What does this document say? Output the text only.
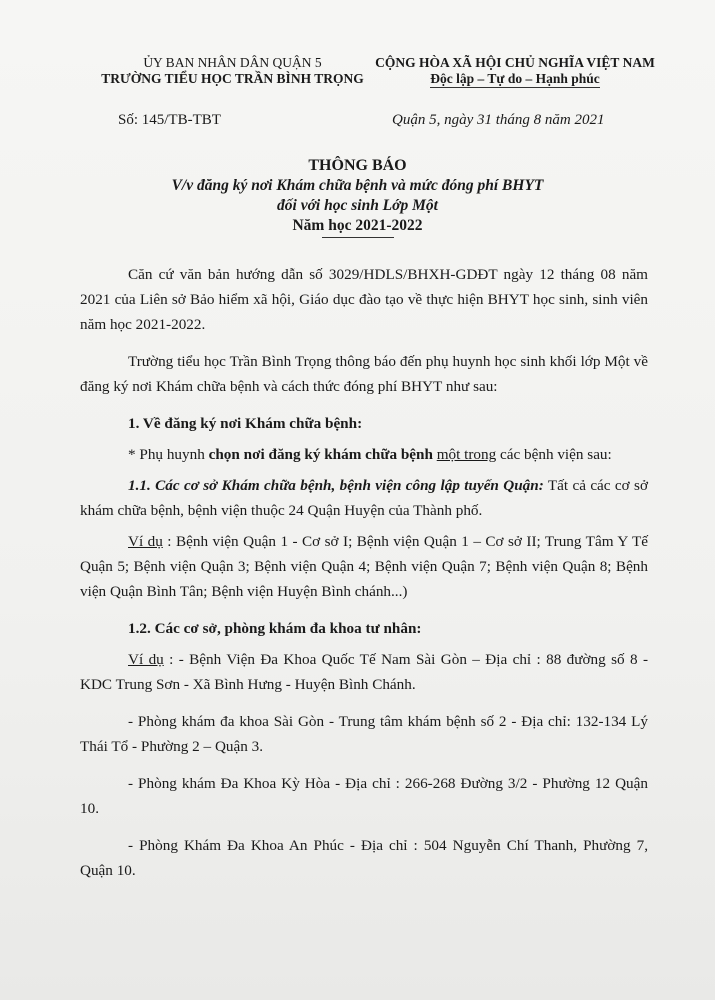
ỦY BAN NHÂN DÂN QUẬN 5
TRƯỜNG TIỂU HỌC TRẦN BÌNH TRỌNG
CỘNG HÒA XÃ HỘI CHỦ NGHĨA VIỆT NAM
Độc lập – Tự do – Hạnh phúc
Số: 145/TB-TBT	Quận 5, ngày 31 tháng 8 năm 2021
THÔNG BÁO
V/v đăng ký nơi Khám chữa bệnh và mức đóng phí BHYT
đối với học sinh Lớp Một
Năm học 2021-2022

Căn cứ văn bản hướng dẫn số 3029/HDLS/BHXH-GDĐT ngày 12 tháng 08 năm 2021 của Liên sở Bảo hiểm xã hội, Giáo dục đào tạo về thực hiện BHYT học sinh, sinh viên năm học 2021-2022.

Trường tiểu học Trần Bình Trọng thông báo đến phụ huynh học sinh khối lớp Một về đăng ký nơi Khám chữa bệnh và cách thức đóng phí BHYT như sau:

1. Về đăng ký nơi Khám chữa bệnh:

* Phụ huynh chọn nơi đăng ký khám chữa bệnh một trong các bệnh viện sau:

1.1. Các cơ sở Khám chữa bệnh, bệnh viện công lập tuyến Quận: Tất cả các cơ sở khám chữa bệnh, bệnh viện thuộc 24 Quận Huyện của Thành phố.

Ví dụ : Bệnh viện Quận 1 - Cơ sở I; Bệnh viện Quận 1 – Cơ sở II; Trung Tâm Y Tế Quận 5; Bệnh viện Quận 3; Bệnh viện Quận 4; Bệnh viện Quận 7; Bệnh viện Quận 8; Bệnh viện Quận Bình Tân; Bệnh viện Huyện Bình chánh...)

1.2. Các cơ sở, phòng khám đa khoa tư nhân:

Ví dụ : - Bệnh Viện Đa Khoa Quốc Tế Nam Sài Gòn – Địa chỉ : 88 đường số 8 - KDC Trung Sơn - Xã Bình Hưng - Huyện Bình Chánh.

- Phòng khám đa khoa Sài Gòn - Trung tâm khám bệnh số 2 - Địa chỉ: 132-134 Lý Thái Tổ - Phường 2 – Quận 3.

- Phòng khám Đa Khoa Kỳ Hòa - Địa chỉ : 266-268 Đường 3/2 - Phường 12 Quận 10.

- Phòng Khám Đa Khoa An Phúc - Địa chỉ : 504 Nguyễn Chí Thanh, Phường 7, Quận 10.
